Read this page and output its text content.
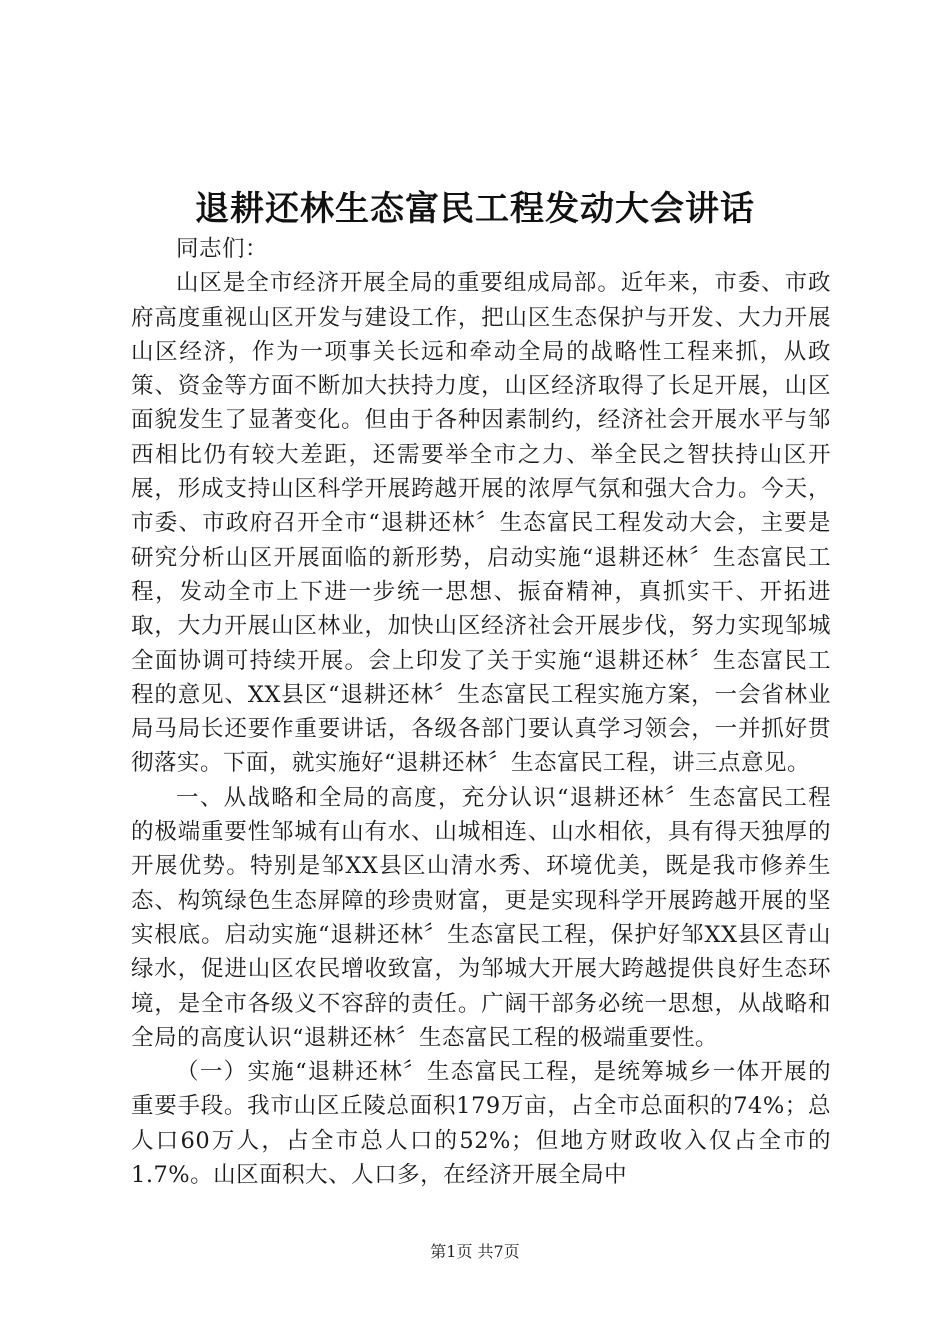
退耕还林生态富民工程发动大会讲话

同志们：

山区是全市经济开展全局的重要组成局部。近年来，市委、市政府高度重视山区开发与建设工作，把山区生态保护与开发、大力开展山区经济，作为一项事关长远和牵动全局的战略性工程来抓，从政策、资金等方面不断加大扶持力度，山区经济取得了长足开展，山区面貌发生了显著变化。但由于各种因素制约，经济社会开展水平与邹西相比仍有较大差距，还需要举全市之力、举全民之智扶持山区开展，形成支持山区科学开展跨越开展的浓厚气氛和强大合力。今天，市委、市政府召开全市“退耕还林〞生态富民工程发动大会，主要是研究分析山区开展面临的新形势，启动实施“退耕还林〞生态富民工程，发动全市上下进一步统一思想、振奋精神，真抓实干、开拓进取，大力开展山区林业，加快山区经济社会开展步伐，努力实现邹城全面协调可持续开展。会上印发了关于实施“退耕还林〞生态富民工程的意见、XX县区“退耕还林〞生态富民工程实施方案，一会省林业局马局长还要作重要讲话，各级各部门要认真学习领会，一并抓好贯彻落实。下面，就实施好“退耕还林〞生态富民工程，讲三点意见。

一、从战略和全局的高度，充分认识“退耕还林〞生态富民工程的极端重要性邹城有山有水、山城相连、山水相依，具有得天独厚的开展优势。特别是邹XX县区山清水秀、环境优美，既是我市修养生态、构筑绿色生态屏障的珍贵财富，更是实现科学开展跨越开展的坚实根底。启动实施“退耕还林〞生态富民工程，保护好邹XX县区青山绿水，促进山区农民增收致富，为邹城大开展大跨越提供良好生态环境，是全市各级义不容辞的责任。广阔干部务必统一思想，从战略和全局的高度认识“退耕还林〞生态富民工程的极端重要性。

（一）实施“退耕还林〞生态富民工程，是统筹城乡一体开展的重要手段。我市山区丘陵总面积179万亩，占全市总面积的74%；总人口60万人，占全市总人口的52%；但地方财政收入仅占全市的1.7%。山区面积大、人口多，在经济开展全局中

第1页 共7页
